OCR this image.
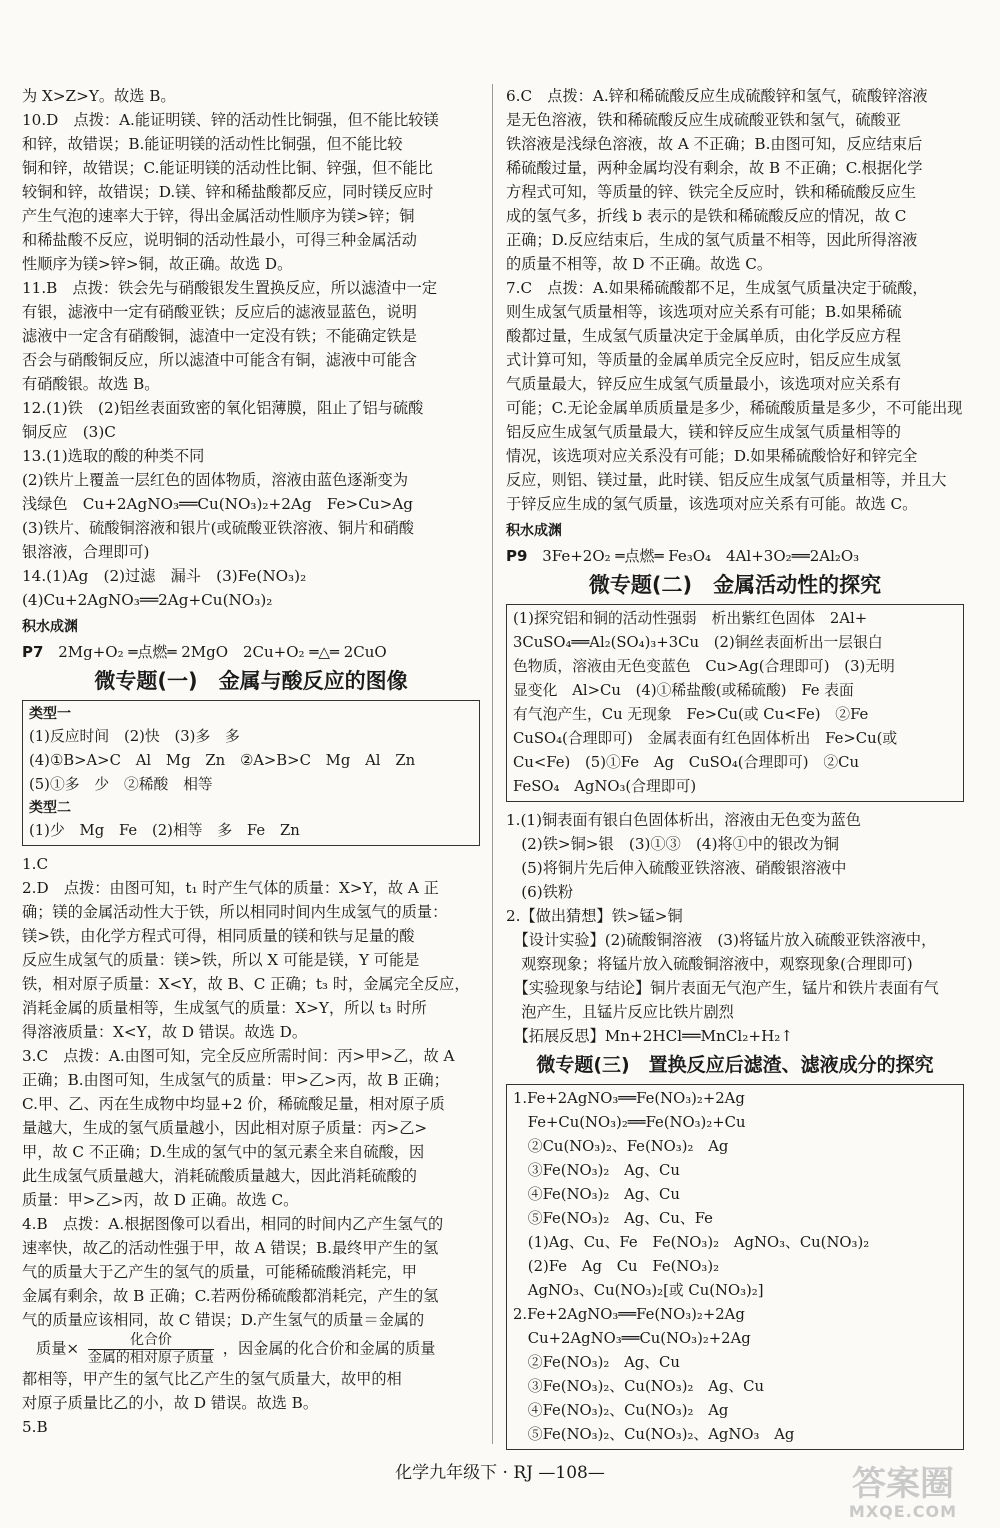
为 X>Z>Y。故选 B。
10.D　点拨：A.能证明镁、锌的活动性比铜强，但不能比较镁
和锌，故错误；B.能证明镁的活动性比铜强，但不能比较
铜和锌，故错误；C.能证明镁的活动性比铜、锌强，但不能比
较铜和锌，故错误；D.镁、锌和稀盐酸都反应，同时镁反应时
产生气泡的速率大于锌，得出金属活动性顺序为镁>锌；铜
和稀盐酸不反应，说明铜的活动性最小，可得三种金属活动
性顺序为镁>锌>铜，故正确。故选 D。
11.B　点拨：铁会先与硝酸银发生置换反应，所以滤渣中一定
有银，滤液中一定有硝酸亚铁；反应后的滤液显蓝色，说明
滤液中一定含有硝酸铜，滤渣中一定没有铁；不能确定铁是
否会与硝酸铜反应，所以滤渣中可能含有铜，滤液中可能含
有硝酸银。故选 B。
12.(1)铁　(2)铝丝表面致密的氧化铝薄膜，阻止了铝与硫酸
铜反应　(3)C
13.(1)选取的酸的种类不同
(2)铁片上覆盖一层红色的固体物质，溶液由蓝色逐渐变为
浅绿色　Cu+2AgNO₃══Cu(NO₃)₂+2Ag　Fe>Cu>Ag
(3)铁片、硫酸铜溶液和银片(或硫酸亚铁溶液、铜片和硝酸
银溶液，合理即可)
14.(1)Ag　(2)过滤　漏斗　(3)Fe(NO₃)₂
(4)Cu+2AgNO₃══2Ag+Cu(NO₃)₂
积水成渊
P7 2Mg+O₂ ═点燃═ 2MgO　2Cu+O₂ ═△═ 2CuO
微专题(一)　金属与酸反应的图像
类型一
(1)反应时间　(2)快　(3)多　多
(4)①B>A>C　Al　Mg　Zn　②A>B>C　Mg　Al　Zn
(5)①多　少　②稀酸　相等
类型二
(1)少　Mg　Fe　(2)相等　多　Fe　Zn
1.C
2.D　点拨：由图可知，t₁ 时产生气体的质量：X>Y，故 A 正
确；镁的金属活动性大于铁，所以相同时间内生成氢气的质量：
镁>铁，由化学方程式可得，相同质量的镁和铁与足量的酸
反应生成氢气的质量：镁>铁，所以 X 可能是镁，Y 可能是
铁，相对原子质量：X<Y，故 B、C 正确；t₃ 时，金属完全反应，
消耗金属的质量相等，生成氢气的质量：X>Y，所以 t₃ 时所
得溶液质量：X<Y，故 D 错误。故选 D。
3.C　点拨：A.由图可知，完全反应所需时间：丙>甲>乙，故 A
正确；B.由图可知，生成氢气的质量：甲>乙>丙，故 B 正确；
C.甲、乙、丙在生成物中均显+2 价，稀硫酸足量，相对原子质
量越大，生成的氢气质量越小，因此相对原子质量：丙>乙>
甲，故 C 不正确；D.生成的氢气中的氢元素全来自硫酸，因
此生成氢气质量越大，消耗硫酸质量越大，因此消耗硫酸的
质量：甲>乙>丙，故 D 正确。故选 C。
4.B　点拨：A.根据图像可以看出，相同的时间内乙产生氢气的
速率快，故乙的活动性强于甲，故 A 错误；B.最终甲产生的氢
气的质量大于乙产生的氢气的质量，可能稀硫酸消耗完，甲
金属有剩余，故 B 正确；C.若两份稀硫酸都消耗完，产生的氢
气的质量应该相同，故 C 错误；D.产生氢气的质量＝金属的
质量× $\frac{\text{化合价}}{\text{金属的相对原子质量}}$ ，因金属的化合价和金属的质量
都相等，甲产生的氢气比乙产生的氢气质量大，故甲的相
对原子质量比乙的小，故 D 错误。故选 B。
5.B
6.C　点拨：A.锌和稀硫酸反应生成硫酸锌和氢气，硫酸锌溶液
是无色溶液，铁和稀硫酸反应生成硫酸亚铁和氢气，硫酸亚
铁溶液是浅绿色溶液，故 A 不正确；B.由图可知，反应结束后
稀硫酸过量，两种金属均没有剩余，故 B 不正确；C.根据化学
方程式可知，等质量的锌、铁完全反应时，铁和稀硫酸反应生
成的氢气多，折线 b 表示的是铁和稀硫酸反应的情况，故 C
正确；D.反应结束后，生成的氢气质量不相等，因此所得溶液
的质量不相等，故 D 不正确。故选 C。
7.C　点拨：A.如果稀硫酸都不足，生成氢气质量决定于硫酸，
则生成氢气质量相等，该选项对应关系有可能；B.如果稀硫
酸都过量，生成氢气质量决定于金属单质，由化学反应方程
式计算可知，等质量的金属单质完全反应时，铝反应生成氢
气质量最大，锌反应生成氢气质量最小，该选项对应关系有
可能；C.无论金属单质质量是多少，稀硫酸质量是多少，不可能出现
铝反应生成氢气质量最大，镁和锌反应生成氢气质量相等的
情况，该选项对应关系没有可能；D.如果稀硫酸恰好和锌完全
反应，则铝、镁过量，此时镁、铝反应生成氢气质量相等，并且大
于锌反应生成的氢气质量，该选项对应关系有可能。故选 C。
积水成渊
P9 3Fe+2O₂ ═点燃═ Fe₃O₄　4Al+3O₂══2Al₂O₃
微专题(二)　金属活动性的探究
(1)探究铝和铜的活动性强弱　析出紫红色固体　2Al+
3CuSO₄══Al₂(SO₄)₃+3Cu　(2)铜丝表面析出一层银白
色物质，溶液由无色变蓝色　Cu>Ag(合理即可)　(3)无明
显变化　Al>Cu　(4)①稀盐酸(或稀硫酸)　Fe 表面
有气泡产生，Cu 无现象　Fe>Cu(或 Cu<Fe)　②Fe
CuSO₄(合理即可)　金属表面有红色固体析出　Fe>Cu(或
Cu<Fe)　(5)①Fe　Ag　CuSO₄(合理即可)　②Cu
FeSO₄　AgNO₃(合理即可)
1.(1)铜表面有银白色固体析出，溶液由无色变为蓝色
　(2)铁>铜>银　(3)①③　(4)将①中的银改为铜
　(5)将铜片先后伸入硫酸亚铁溶液、硝酸银溶液中
　(6)铁粉
2.【做出猜想】铁>锰>铜
　【设计实验】(2)硫酸铜溶液　(3)将锰片放入硫酸亚铁溶液中，
　观察现象；将锰片放入硫酸铜溶液中，观察现象(合理即可)
　【实验现象与结论】铜片表面无气泡产生，锰片和铁片表面有气
　泡产生，且锰片反应比铁片剧烈
　【拓展反思】Mn+2HCl══MnCl₂+H₂↑
微专题(三)　置换反应后滤渣、滤液成分的探究
1.Fe+2AgNO₃══Fe(NO₃)₂+2Ag
　Fe+Cu(NO₃)₂══Fe(NO₃)₂+Cu
　②Cu(NO₃)₂、Fe(NO₃)₂　Ag
　③Fe(NO₃)₂　Ag、Cu
　④Fe(NO₃)₂　Ag、Cu
　⑤Fe(NO₃)₂　Ag、Cu、Fe
　(1)Ag、Cu、Fe　Fe(NO₃)₂　AgNO₃、Cu(NO₃)₂
　(2)Fe　Ag　Cu　Fe(NO₃)₂
　AgNO₃、Cu(NO₃)₂[或 Cu(NO₃)₂]
2.Fe+2AgNO₃══Fe(NO₃)₂+2Ag
　Cu+2AgNO₃══Cu(NO₃)₂+2Ag
　②Fe(NO₃)₂　Ag、Cu
　③Fe(NO₃)₂、Cu(NO₃)₂　Ag、Cu
　④Fe(NO₃)₂、Cu(NO₃)₂　Ag
　⑤Fe(NO₃)₂、Cu(NO₃)₂、AgNO₃　Ag
化学九年级下 · RJ —108—	答案圈
MXQE.COM
